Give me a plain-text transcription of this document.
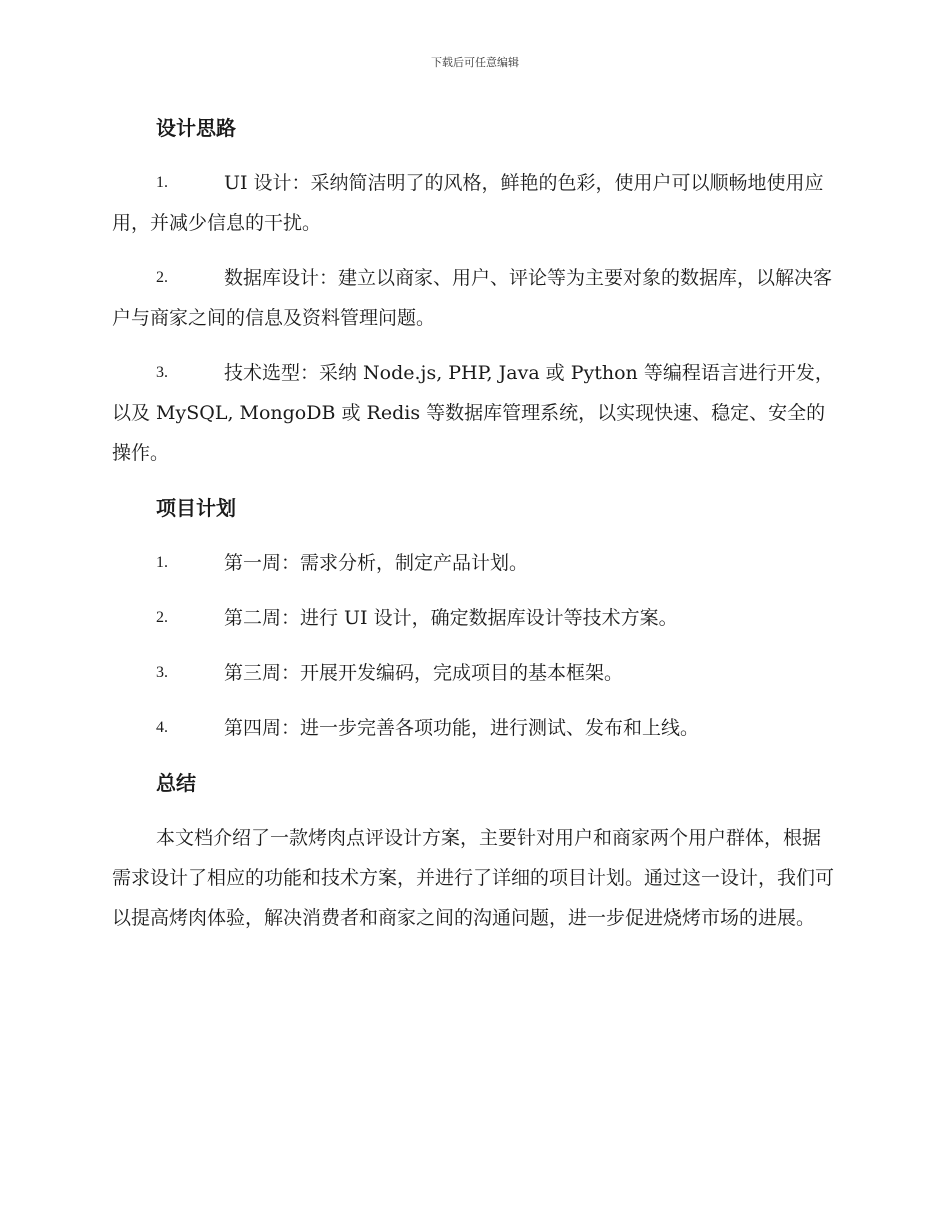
下载后可任意编辑
设计思路
1.	UI 设计：采纳简洁明了的风格，鲜艳的色彩，使用户可以顺畅地使用应用，并减少信息的干扰。
2.	数据库设计：建立以商家、用户、评论等为主要对象的数据库，以解决客户与商家之间的信息及资料管理问题。
3.	技术选型：采纳 Node.js, PHP, Java 或 Python 等编程语言进行开发，以及 MySQL, MongoDB 或 Redis 等数据库管理系统，以实现快速、稳定、安全的操作。
项目计划
1.	第一周：需求分析，制定产品计划。
2.	第二周：进行 UI 设计，确定数据库设计等技术方案。
3.	第三周：开展开发编码，完成项目的基本框架。
4.	第四周：进一步完善各项功能，进行测试、发布和上线。
总结

本文档介绍了一款烤肉点评设计方案，主要针对用户和商家两个用户群体，根据需求设计了相应的功能和技术方案，并进行了详细的项目计划。通过这一设计，我们可以提高烤肉体验，解决消费者和商家之间的沟通问题，进一步促进烧烤市场的进展。
